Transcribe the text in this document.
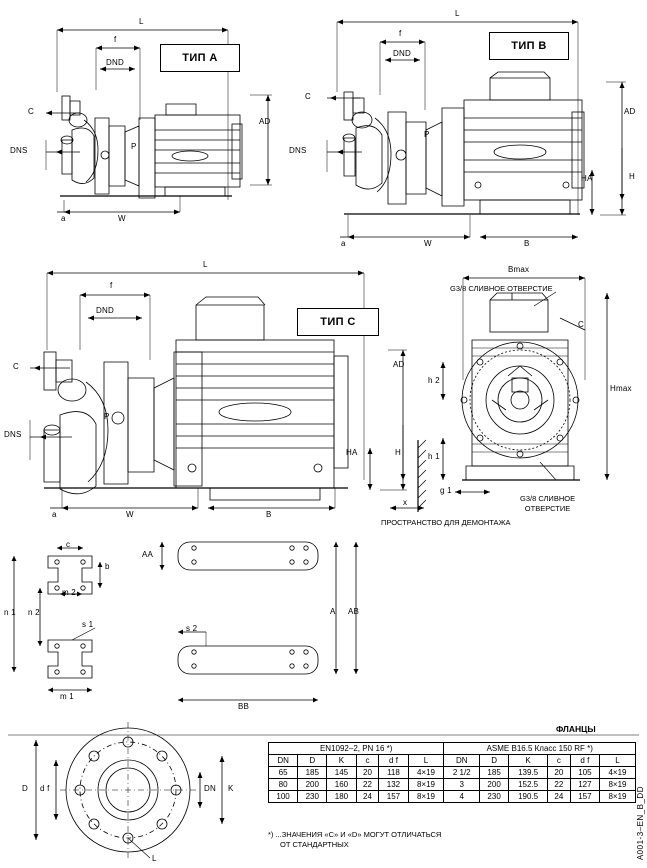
ТИП А
L
f
DND
C
DNS	P
AD
W
a
ТИП B
L
f
DND
C
DNS
P
AD
H
HA
W	B
a
ТИП С
L
f
DND
C
DNS
P
AD
H
HA
W	B
a
x
ПРОСТРАНСТВО ДЛЯ ДЕМОНТАЖА
Bmax
G3/8 СЛИВНОЕ ОТВЕРСТИЕ
C
Hmax
h 2
h 1
g 1
G3/8 СЛИВНОЕ
ОТВЕРСТИЕ
b
c
m 2
m 1
n 1 n 2
s 1	s 2
AA
A AB
BB
D d f	DN K
L
ФЛАНЦЫ
EN1092–2, PN 16 *)						ASME B16.5 Класс 150 RF *)					
DN	D	K	c	d f	L	DN	D	K	c	d f	L
65	185	145	20	118	4×19	2 1/2	185	139.5	20	105	4×19
80	200	160	22	132	8×19	3	200	152.5	22	127	8×19
100	230	180	24	157	8×19	4	230	190.5	24	157	8×19
*) ...ЗНАЧЕНИЯ «C» И «D» МОГУТ ОТЛИЧАТЬСЯ
ОТ СТАНДАРТНЫХ	A001-3–EN_B_DD
